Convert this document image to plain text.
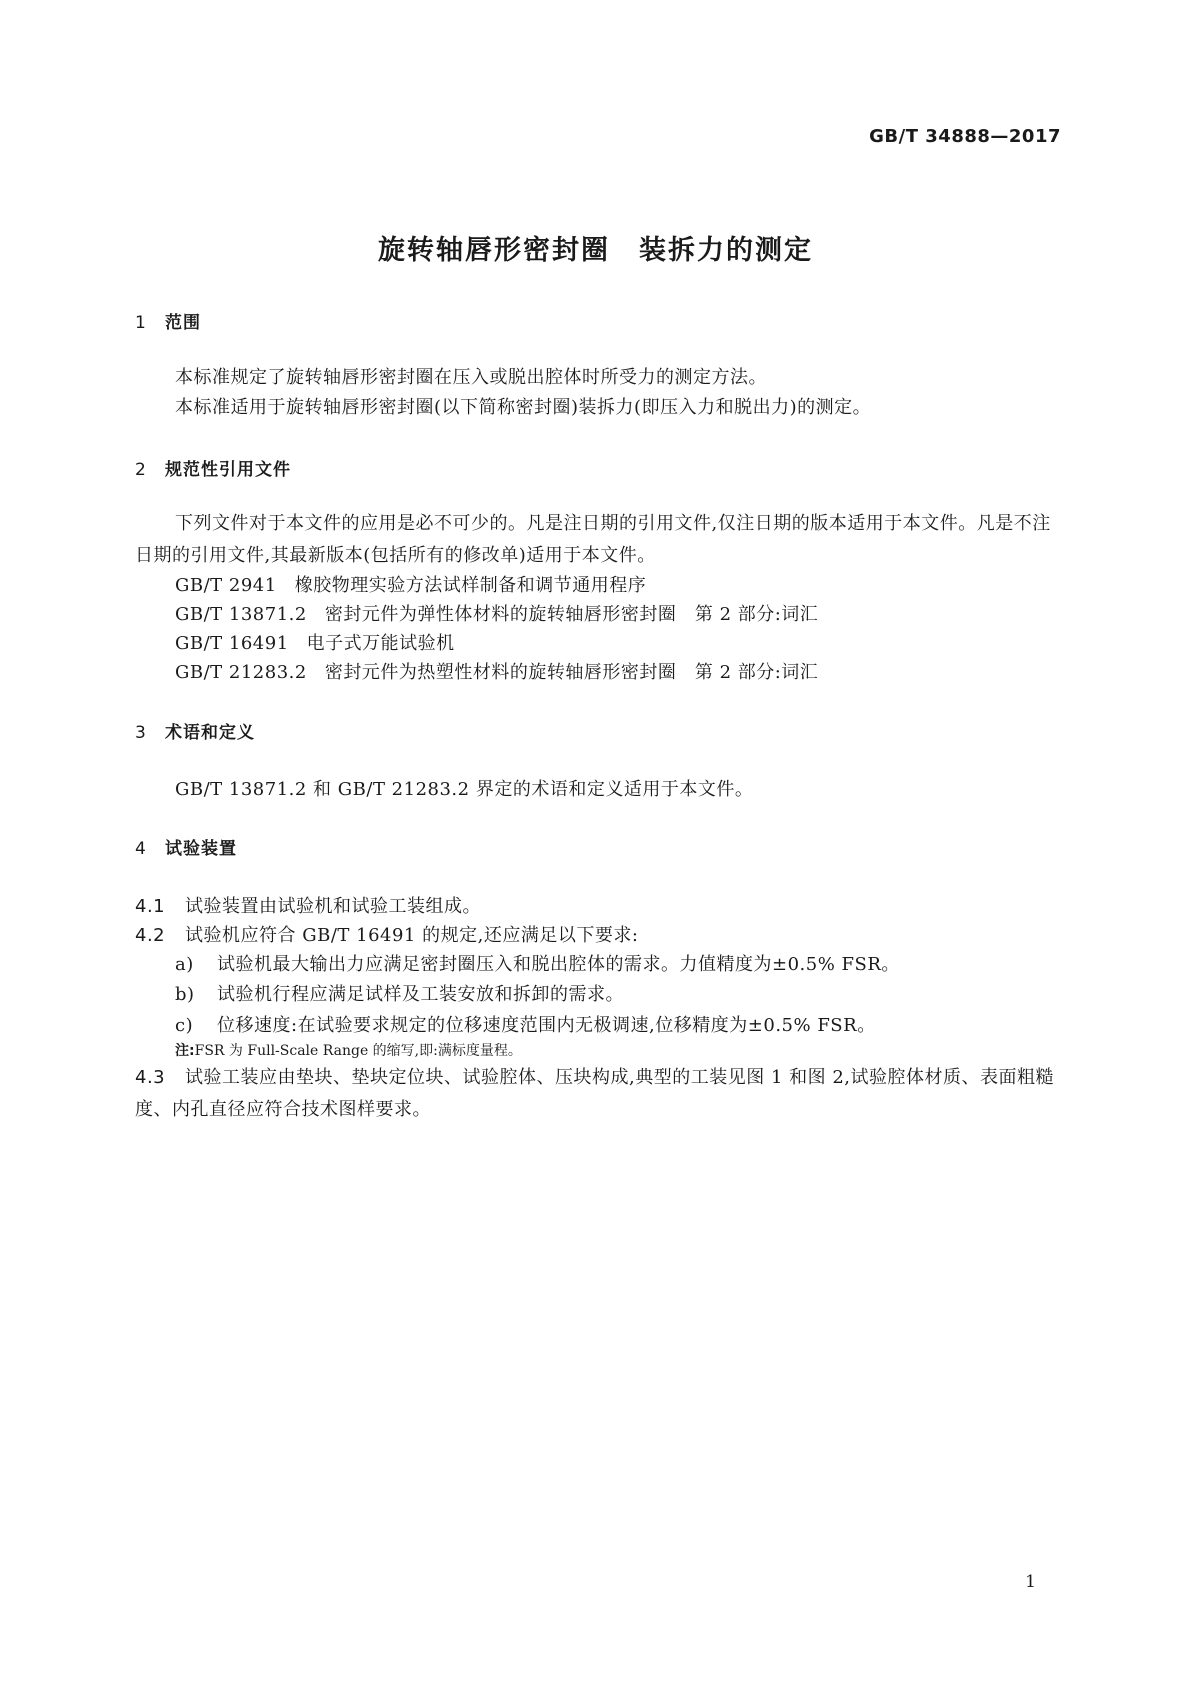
GB/T 34888—2017
旋转轴唇形密封圈　装拆力的测定
1 范围
本标准规定了旋转轴唇形密封圈在压入或脱出腔体时所受力的测定方法。
本标准适用于旋转轴唇形密封圈(以下简称密封圈)装拆力(即压入力和脱出力)的测定。
2 规范性引用文件
下列文件对于本文件的应用是必不可少的。凡是注日期的引用文件,仅注日期的版本适用于本文件。凡是不注日期的引用文件,其最新版本(包括所有的修改单)适用于本文件。
GB/T 2941 橡胶物理实验方法试样制备和调节通用程序
GB/T 13871.2 密封元件为弹性体材料的旋转轴唇形密封圈　第 2 部分:词汇
GB/T 16491 电子式万能试验机
GB/T 21283.2 密封元件为热塑性材料的旋转轴唇形密封圈　第 2 部分:词汇
3 术语和定义
GB/T 13871.2 和 GB/T 21283.2 界定的术语和定义适用于本文件。
4 试验装置
4.1 试验装置由试验机和试验工装组成。
4.2 试验机应符合 GB/T 16491 的规定,还应满足以下要求:
a) 试验机最大输出力应满足密封圈压入和脱出腔体的需求。力值精度为±0.5% FSR。
b) 试验机行程应满足试样及工装安放和拆卸的需求。
c) 位移速度:在试验要求规定的位移速度范围内无极调速,位移精度为±0.5% FSR。
注:FSR 为 Full-Scale Range 的缩写,即:满标度量程。
4.3 试验工装应由垫块、垫块定位块、试验腔体、压块构成,典型的工装见图 1 和图 2,试验腔体材质、表面粗糙度、内孔直径应符合技术图样要求。
1
